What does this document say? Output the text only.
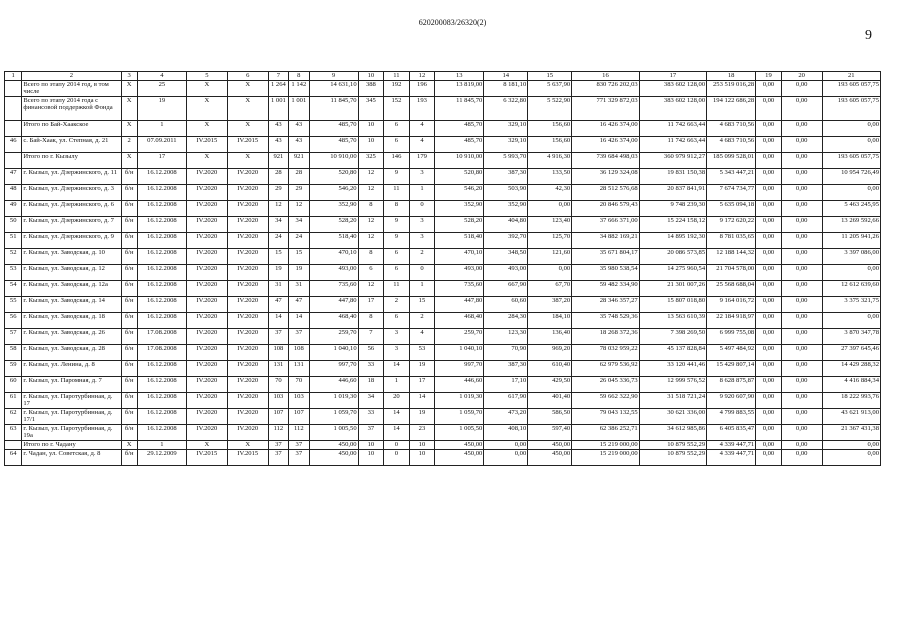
620200083/26320(2)
9
1	2	3	4	5	6	7	8	9	10	11	12	13	14	15	16	17	18	19	20	21
	Всего по этапу 2014 год, в том числе	X	25	X	X	1 264	1 142	14 631,10	388	192	196	13 819,00	8 181,10	5 637,90	830 726 202,03	383 602 128,00	253 519 016,28	0,00	0,00	193 605 057,75
	Всего по этапу 2014 года с финансовой поддержкой Фонда	X	19	X	X	1 001	1 001	11 845,70	345	152	193	11 845,70	6 322,80	5 522,90	771 329 872,03	383 602 128,00	194 122 686,28	0,00	0,00	193 605 057,75
	Итого по Бай-Хаакское	X	1	X	X	43	43	485,70	10	6	4	485,70	329,10	156,60	16 426 374,00	11 742 663,44	4 683 710,56	0,00	0,00	0,00
46	с. Бай-Хаак, ул. Степная, д. 21	2	07.09.2011	IV.2015	IV.2015	43	43	485,70	10	6	4	485,70	329,10	156,60	16 426 374,00	11 742 663,44	4 683 710,56	0,00	0,00	0,00
	Итого по г. Кызылу	X	17	X	X	921	921	10 910,00	325	146	179	10 910,00	5 993,70	4 916,30	739 684 498,03	360 979 912,27	185 099 528,01	0,00	0,00	193 605 057,75
47	г. Кызыл, ул. Дзержинского, д. 11	б/н	16.12.2008	IV.2020	IV.2020	28	28	520,80	12	9	3	520,80	387,30	133,50	36 129 324,08	19 831 150,38	5 343 447,21	0,00	0,00	10 954 726,49
48	г. Кызыл, ул. Дзержинского, д. 3	б/н	16.12.2008	IV.2020	IV.2020	29	29	546,20	12	11	1	546,20	503,90	42,30	28 512 576,68	20 837 841,91	7 674 734,77	0,00	0,00	0,00
49	г. Кызыл, ул. Дзержинского, д. 6	б/н	16.12.2008	IV.2020	IV.2020	12	12	352,90	8	8	0	352,90	352,90	0,00	20 846 579,43	9 748 239,30	5 635 094,18	0,00	0,00	5 463 245,95
50	г. Кызыл, ул. Дзержинского, д. 7	б/н	16.12.2008	IV.2020	IV.2020	34	34	528,20	12	9	3	528,20	404,80	123,40	37 666 371,00	15 224 158,12	9 172 620,22	0,00	0,00	13 269 592,66
51	г. Кызыл, ул. Дзержинского, д. 9	б/н	16.12.2008	IV.2020	IV.2020	24	24	518,40	12	9	3	518,40	392,70	125,70	34 882 169,21	14 895 192,30	8 781 035,65	0,00	0,00	11 205 941,26
52	г. Кызыл, ул. Заводская, д. 10	б/н	16.12.2008	IV.2020	IV.2020	15	15	470,10	8	6	2	470,10	348,50	121,60	35 671 804,17	20 086 573,85	12 188 144,32	0,00	0,00	3 397 086,00
53	г. Кызыл, ул. Заводская, д. 12	б/н	16.12.2008	IV.2020	IV.2020	19	19	493,00	6	6	0	493,00	493,00	0,00	35 980 538,54	14 275 960,54	21 704 578,00	0,00	0,00	0,00
54	г. Кызыл, ул. Заводская, д. 12а	б/н	16.12.2008	IV.2020	IV.2020	31	31	735,60	12	11	1	735,60	667,90	67,70	59 482 334,90	21 301 007,26	25 568 688,04	0,00	0,00	12 612 639,60
55	г. Кызыл, ул. Заводская, д. 14	б/н	16.12.2008	IV.2020	IV.2020	47	47	447,80	17	2	15	447,80	60,60	387,20	28 346 357,27	15 807 018,80	9 164 016,72	0,00	0,00	3 375 321,75
56	г. Кызыл, ул. Заводская, д. 18	б/н	16.12.2008	IV.2020	IV.2020	14	14	468,40	8	6	2	468,40	284,30	184,10	35 748 529,36	13 563 610,39	22 184 918,97	0,00	0,00	0,00
57	г. Кызыл, ул. Заводская, д. 26	б/н	17.08.2008	IV.2020	IV.2020	37	37	259,70	7	3	4	259,70	123,30	136,40	18 268 372,36	7 398 269,50	6 999 755,08	0,00	0,00	3 870 347,78
58	г. Кызыл, ул. Заводская, д. 28	б/н	17.08.2008	IV.2020	IV.2020	108	108	1 040,10	56	3	53	1 040,10	70,90	969,20	78 032 959,22	45 137 828,84	5 497 484,92	0,00	0,00	27 397 645,46
59	г. Кызыл, ул. Ленина, д. 8	б/н	16.12.2008	IV.2020	IV.2020	131	131	997,70	33	14	19	997,70	387,30	610,40	62 979 536,92	33 120 441,46	15 429 807,14	0,00	0,00	14 429 288,32
60	г. Кызыл, ул. Паромная, д. 7	б/н	16.12.2008	IV.2020	IV.2020	70	70	446,60	18	1	17	446,60	17,10	429,50	26 045 336,73	12 999 576,52	8 628 875,87	0,00	0,00	4 416 884,34
61	г. Кызыл, ул. Паротурбинная, д. 17	б/н	16.12.2008	IV.2020	IV.2020	103	103	1 019,30	34	20	14	1 019,30	617,90	401,40	59 662 322,90	31 518 721,24	9 920 607,90	0,00	0,00	18 222 993,76
62	г. Кызыл, ул. Паротурбинная, д. 17/1	б/н	16.12.2008	IV.2020	IV.2020	107	107	1 059,70	33	14	19	1 059,70	473,20	586,50	79 043 132,55	30 621 336,00	4 799 883,55	0,00	0,00	43 621 913,00
63	г. Кызыл, ул. Паротурбинная, д. 19а	б/н	16.12.2008	IV.2020	IV.2020	112	112	1 005,50	37	14	23	1 005,50	408,10	597,40	62 386 252,71	34 612 985,86	6 405 835,47	0,00	0,00	21 367 431,38
	Итого по г. Чадану	X	1	X	X	37	37	450,00	10	0	10	450,00	0,00	450,00	15 219 000,00	10 879 552,29	4 339 447,71	0,00	0,00	0,00
64	г. Чадан, ул. Советская, д. 8	б/н	29.12.2009	IV.2015	IV.2015	37	37	450,00	10	0	10	450,00	0,00	450,00	15 219 000,00	10 879 552,29	4 339 447,71	0,00	0,00	0,00
